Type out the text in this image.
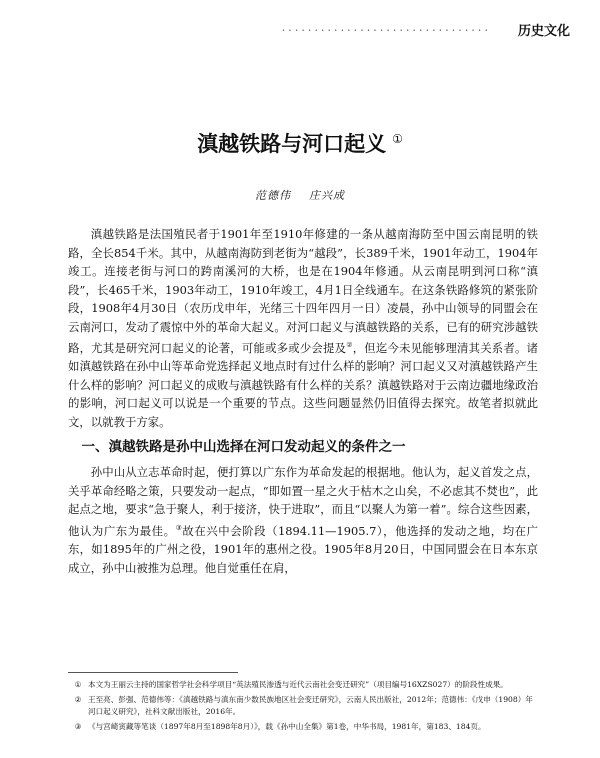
• • • • • • • • • • • • • • • • • • • • • • • • • • • • • • • • 历史文化
滇越铁路与河口起义 ①
范德伟 庄兴成

滇越铁路是法国殖民者于1901年至1910年修建的一条从越南海防至中国云南昆明的铁路，全长854千米。其中，从越南海防到老街为“越段”，长389千米，1901年动工，1904年竣工。连接老街与河口的跨南溪河的大桥，也是在1904年修通。从云南昆明到河口称“滇段”，长465千米，1903年动工，1910年竣工，4月1日全线通车。在这条铁路修筑的紧张阶段，1908年4月30日（农历戊申年，光绪三十四年四月一日）凌晨，孙中山领导的同盟会在云南河口，发动了震惊中外的革命大起义。对河口起义与滇越铁路的关系，已有的研究涉越铁路，尤其是研究河口起义的论著，可能或多或少会提及②，但迄今未见能够理清其关系者。诸如滇越铁路在孙中山等革命党选择起义地点时有过什么样的影响？河口起义又对滇越铁路产生什么样的影响？河口起义的成败与滇越铁路有什么样的关系？滇越铁路对于云南边疆地缘政治的影响，河口起义可以说是一个重要的节点。这些问题显然仍旧值得去探究。故笔者拟就此文，以就教于方家。

一、滇越铁路是孙中山选择在河口发动起义的条件之一

孙中山从立志革命时起，便打算以广东作为革命发起的根据地。他认为，起义首发之点，关乎革命经略之策，只要发动一起点，“即如置一星之火于枯木之山矣，不必虑其不焚也”，此起点之地，要求“急于聚人，利于接济，快于进取”，而且“以聚人为第一着”。综合这些因素，他认为广东为最佳。③故在兴中会阶段（1894.11—1905.7），他选择的发动之地，均在广东，如1895年的广州之役，1901年的惠州之役。1905年8月20日，中国同盟会在日本东京成立，孙中山被推为总理。他自觉重任在肩，

① 本文为王丽云主持的国家哲学社会科学项目“英法殖民渗透与近代云南社会变迁研究”（项目编号16XZS027）的阶段性成果。
② 王至亮、彭强、范德伟等：《滇越铁路与滇东南少数民族地区社会变迁研究》，云南人民出版社，2012年；范德伟：《戊申（1908）年河口起义研究》，社科文献出版社，2016年。
③ 《与宫崎寅藏等笔谈（1897年8月至1898年8月）》，载《孙中山全集》第1卷，中华书局，1981年，第183、184页。
